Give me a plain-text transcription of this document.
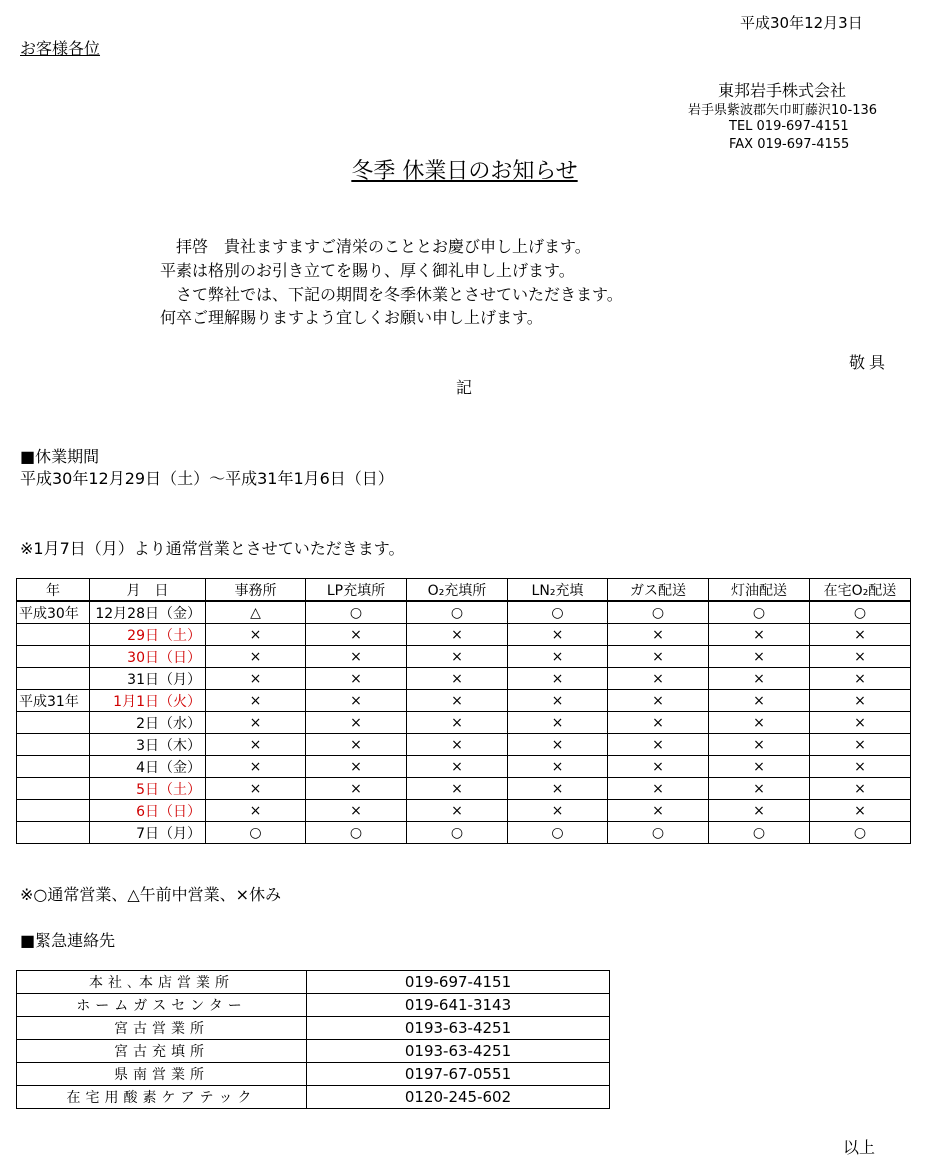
平成30年12月3日
お客様各位
東邦岩手株式会社
岩手県紫波郡矢巾町藤沢10-136
TEL 019-697-4151
FAX 019-697-4155
冬季 休業日のお知らせ
拝啓　貴社ますますご清栄のこととお慶び申し上げます。
平素は格別のお引き立てを賜り、厚く御礼申し上げます。
さて弊社では、下記の期間を冬季休業とさせていただきます。
何卒ご理解賜りますよう宜しくお願い申し上げます。
敬具
記
■休業期間
平成30年12月29日（土）～平成31年1月6日（日）
※1月7日（月）より通常営業とさせていただきます。
年	月　日	事務所	LP充填所	O₂充填所	LN₂充填	ガス配送	灯油配送	在宅O₂配送
平成30年	12月28日（金）	△	○	○	○	○	○	○
	29日（土）	×	×	×	×	×	×	×
	30日（日）	×	×	×	×	×	×	×
	31日（月）	×	×	×	×	×	×	×
平成31年	1月1日（火）	×	×	×	×	×	×	×
	2日（水）	×	×	×	×	×	×	×
	3日（木）	×	×	×	×	×	×	×
	4日（金）	×	×	×	×	×	×	×
	5日（土）	×	×	×	×	×	×	×
	6日（日）	×	×	×	×	×	×	×
	7日（月）	○	○	○	○	○	○	○
※○通常営業、△午前中営業、×休み
■緊急連絡先
本社､本店営業所	019-697-4151
ホームガスセンター	019-641-3143
宮古営業所	0193-63-4251
宮古充填所	0193-63-4251
県南営業所	0197-67-0551
在宅用酸素ケアテック	0120-245-602
以上
